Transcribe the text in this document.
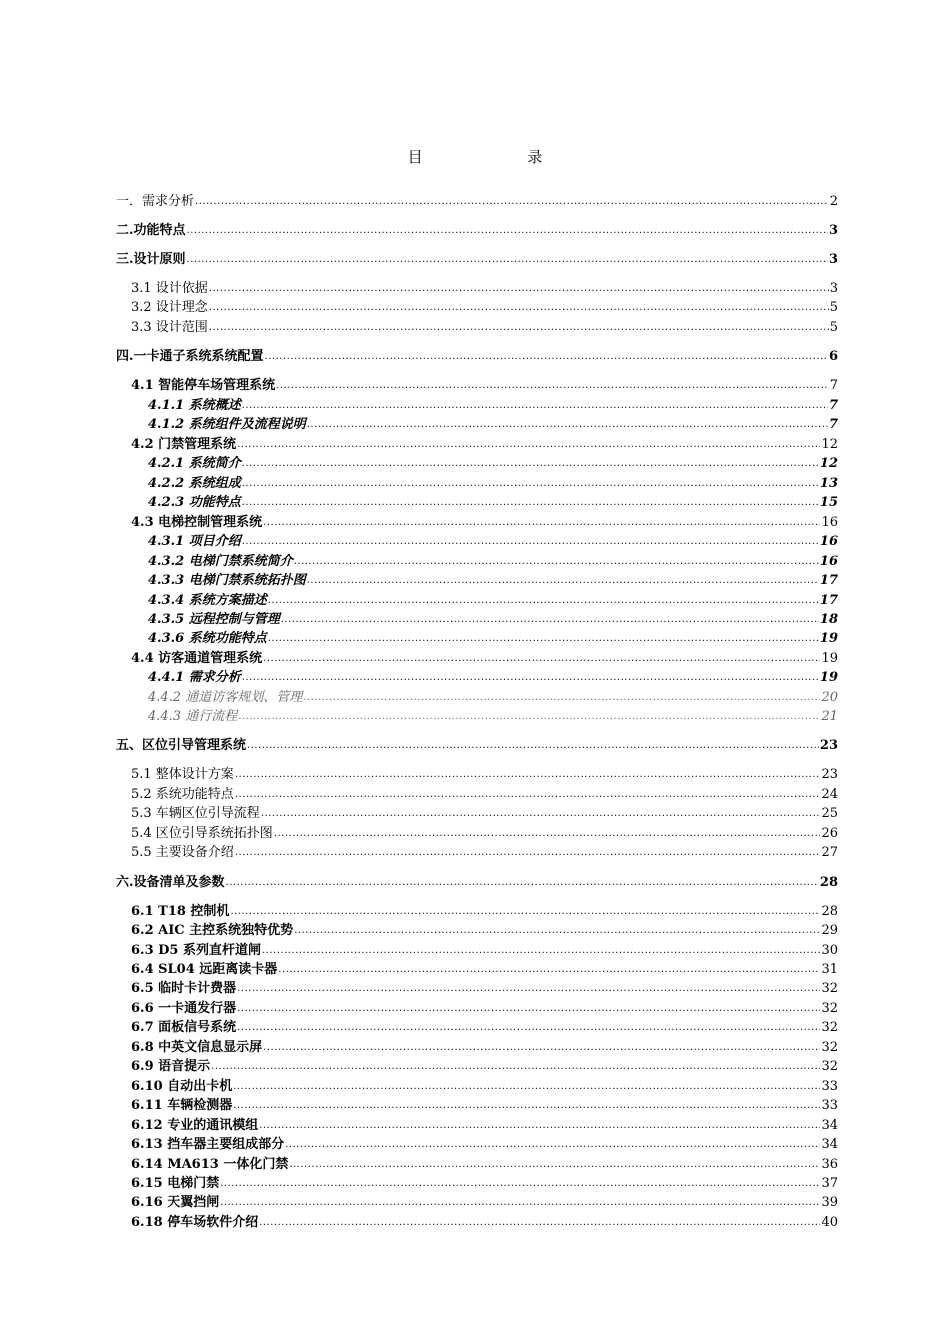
目 录
一．需求分析 .....	2
二.功能特点 .....	3
三.设计原则 .....	3
3.1 设计依据 .....	3
3.2 设计理念 .....	5
3.3 设计范围 .....	5
四.一卡通子系统系统配置 .....	6
4.1 智能停车场管理系统 .....	7
4.1.1 系统概述 .....	7
4.1.2 系统组件及流程说明 .....	7
4.2 门禁管理系统 .....	12
4.2.1 系统简介 .....	12
4.2.2 系统组成 .....	13
4.2.3 功能特点 .....	15
4.3 电梯控制管理系统 .....	16
4.3.1 项目介绍 .....	16
4.3.2 电梯门禁系统简介 .....	16
4.3.3 电梯门禁系统拓扑图 .....	17
4.3.4 系统方案描述 .....	17
4.3.5 远程控制与管理 .....	18
4.3.6 系统功能特点 .....	19
4.4 访客通道管理系统 .....	19
4.4.1 需求分析 .....	19
4.4.2 通道访客规划、管理 .....	20
4.4.3 通行流程 .....	21
五、区位引导管理系统 .....	23
5.1 整体设计方案 .....	23
5.2 系统功能特点 .....	24
5.3 车辆区位引导流程 .....	25
5.4 区位引导系统拓扑图 .....	26
5.5 主要设备介绍 .....	27
六.设备清单及参数 .....	28
6.1 T18 控制机 .....	28
6.2 AIC 主控系统独特优势 .....	29
6.3 D5 系列直杆道闸 .....	30
6.4 SL04 远距离读卡器 .....	31
6.5 临时卡计费器 .....	32
6.6 一卡通发行器 .....	32
6.7 面板信号系统 .....	32
6.8 中英文信息显示屏 .....	32
6.9 语音提示 .....	32
6.10 自动出卡机 .....	33
6.11 车辆检测器 .....	33
6.12 专业的通讯模组 .....	34
6.13 挡车器主要组成部分 .....	34
6.14 MA613 一体化门禁 .....	36
6.15 电梯门禁 .....	37
6.16 天翼挡闸 .....	39
6.18 停车场软件介绍 .....	40
